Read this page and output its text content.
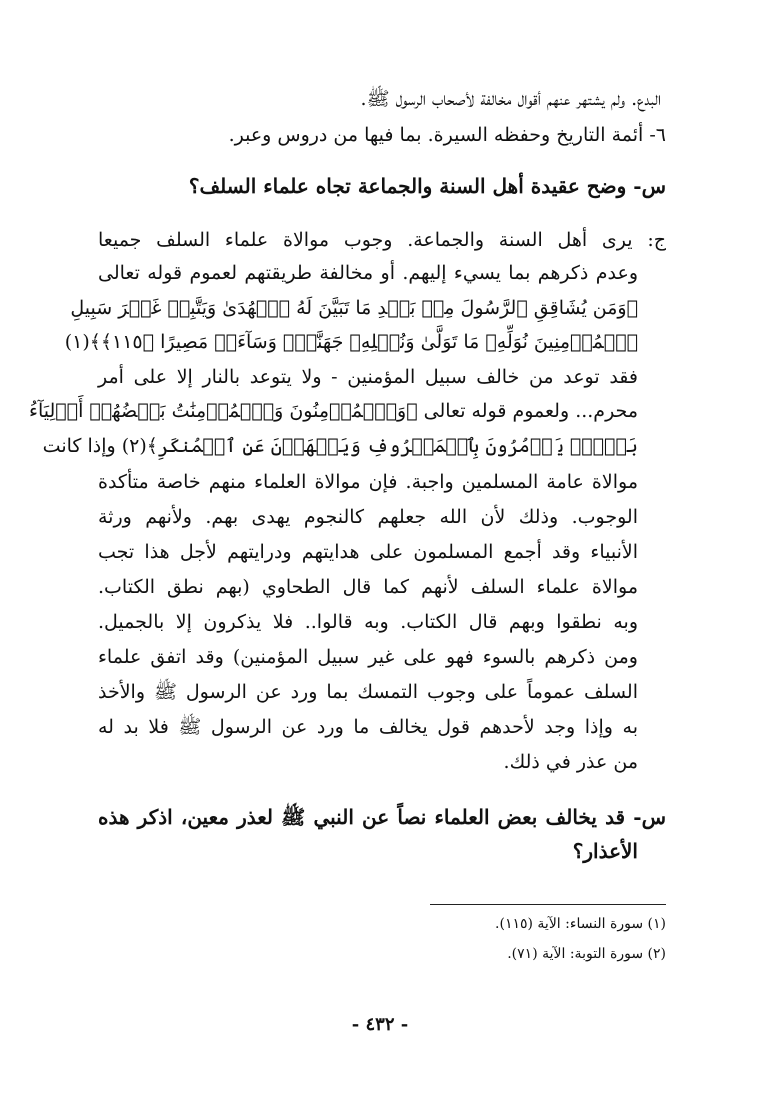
البدع. ولم يشتهر عنهم أقوال مخالفة لأصحاب الرسول ﷺ.
٦- أئمة التاريخ وحفظه السيرة. بما فيها من دروس وعبر.
س- وضح عقيدة أهل السنة والجماعة تجاه علماء السلف؟
ج: يرى أهل السنة والجماعة. وجوب موالاة علماء السلف جميعا
وعدم ذكرهم بما يسيء إليهم. أو مخالفة طريقتهم لعموم قوله تعالى
﴿وَمَن يُشَاقِقِ ٱلرَّسُولَ مِنۢ بَعۡدِ مَا تَبَيَّنَ لَهُ ٱلۡهُدَىٰ وَيَتَّبِعۡ غَيۡرَ سَبِيلِ
ٱلۡمُؤۡمِنِينَ نُوَلِّهِۦ مَا تَوَلَّىٰ وَنُصۡلِهِۦ جَهَنَّمَۖ وَسَآءَتۡ مَصِيرًا ﴿١١٥﴾﴾(١)
فقد توعد من خالف سبيل المؤمنين - ولا يتوعد بالنار إلا على أمر
محرم... ولعموم قوله تعالى ﴿وَٱلۡمُؤۡمِنُونَ وَٱلۡمُؤۡمِنَٰتُ بَعۡضُهُمۡ أَوۡلِيَآءُ
بَعۡضٖۚ يَأۡمُرُونَ بِٱلۡمَعۡرُوفِ وَيَنۡهَوۡنَ عَنِ ٱلۡمُنكَرِ﴾(٢) وإذا كانت
موالاة عامة المسلمين واجبة. فإن موالاة العلماء منهم خاصة متأكدة
الوجوب. وذلك لأن الله جعلهم كالنجوم يهدى بهم. ولأنهم ورثة
الأنبياء وقد أجمع المسلمون على هدايتهم ودرايتهم لأجل هذا تجب
موالاة علماء السلف لأنهم كما قال الطحاوي (بهم نطق الكتاب.
وبه نطقوا وبهم قال الكتاب. وبه قالوا.. فلا يذكرون إلا بالجميل.
ومن ذكرهم بالسوء فهو على غير سبيل المؤمنين) وقد اتفق علماء
السلف عموماً على وجوب التمسك بما ورد عن الرسول ﷺ والأخذ
به وإذا وجد لأحدهم قول يخالف ما ورد عن الرسول ﷺ فلا بد له
من عذر في ذلك.
س- قد يخالف بعض العلماء نصاً عن النبي ﷺ لعذر معين، اذكر هذه
الأعذار؟
(١) سورة النساء: الآية (١١٥).
(٢) سورة التوبة: الآية (٧١).
- ٤٣٢ -
